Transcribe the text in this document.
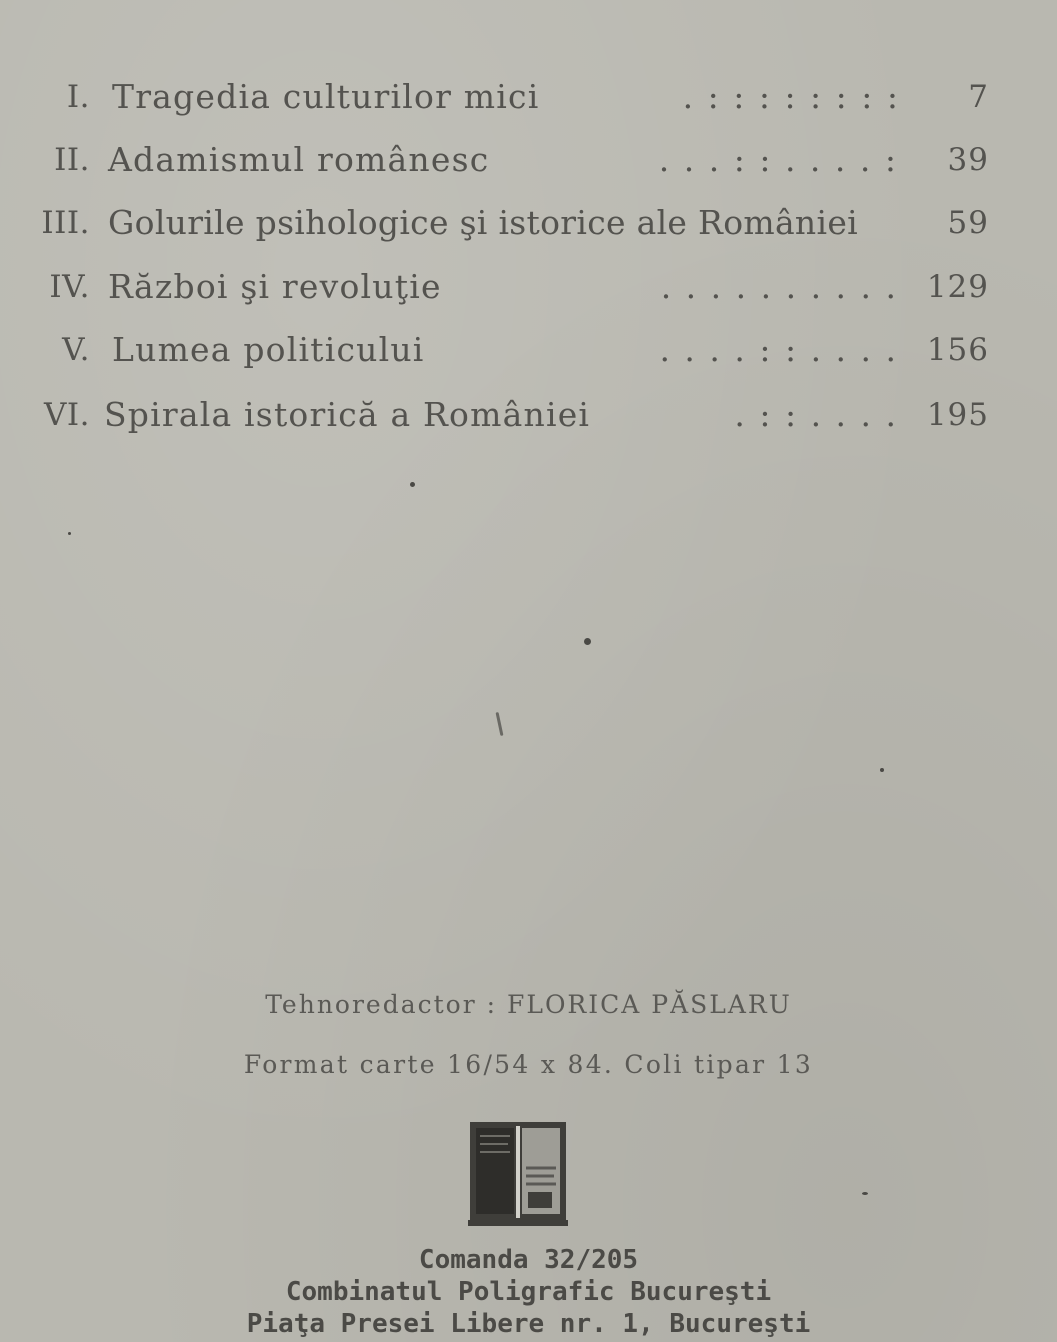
I. Tragedia culturilor mici	. : : : : : : : :	7
II. Adamismul românesc	. . . : : . . . . :	39
III. Golurile psihologice şi istorice ale României	59
IV. Război şi revoluţie	. . . . . . . . . . 129
V. Lumea politicului	. . . . : : . . . . 156
VI. Spirala istorică a României	. : : . . . . 195
Tehnoredactor : FLORICA PĂSLARU
Format carte 16/54 x 84. Coli tipar 13
Comanda 32/205
Combinatul Poligrafic Bucureşti
Piaţa Presei Libere nr. 1, Bucureşti
